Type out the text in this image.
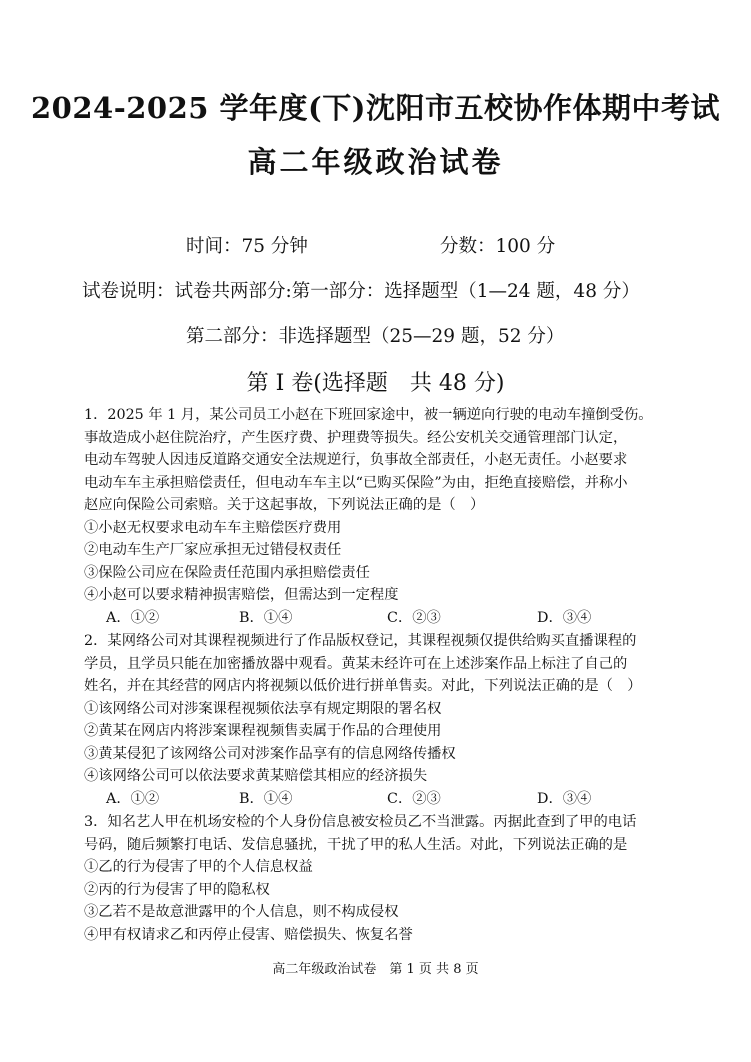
2024-2025 学年度(下)沈阳市五校协作体期中考试
高二年级政治试卷
时间：75 分钟	分数：100 分
试卷说明：试卷共两部分:第一部分：选择题型（1—24 题，48 分）
第二部分：非选择题型（25—29 题，52 分）
第 I 卷(选择题　共 48 分)

1．2025 年 1 月，某公司员工小赵在下班回家途中，被一辆逆向行驶的电动车撞倒受伤。

事故造成小赵住院治疗，产生医疗费、护理费等损失。经公安机关交通管理部门认定，

电动车驾驶人因违反道路交通安全法规逆行，负事故全部责任，小赵无责任。小赵要求

电动车车主承担赔偿责任，但电动车车主以“已购买保险”为由，拒绝直接赔偿，并称小

赵应向保险公司索赔。关于这起事故，下列说法正确的是（　）

①小赵无权要求电动车车主赔偿医疗费用

②电动车生产厂家应承担无过错侵权责任

③保险公司应在保险责任范围内承担赔偿责任

④小赵可以要求精神损害赔偿，但需达到一定程度

A．①②	B．①④	C．②③	D．③④

2．某网络公司对其课程视频进行了作品版权登记，其课程视频仅提供给购买直播课程的

学员，且学员只能在加密播放器中观看。黄某未经许可在上述涉案作品上标注了自己的

姓名，并在其经营的网店内将视频以低价进行拼单售卖。对此，下列说法正确的是（　）

①该网络公司对涉案课程视频依法享有规定期限的署名权

②黄某在网店内将涉案课程视频售卖属于作品的合理使用

③黄某侵犯了该网络公司对涉案作品享有的信息网络传播权

④该网络公司可以依法要求黄某赔偿其相应的经济损失

A．①②	B．①④	C．②③	D．③④

3．知名艺人甲在机场安检的个人身份信息被安检员乙不当泄露。丙据此查到了甲的电话

号码，随后频繁打电话、发信息骚扰，干扰了甲的私人生活。对此，下列说法正确的是

①乙的行为侵害了甲的个人信息权益

②丙的行为侵害了甲的隐私权

③乙若不是故意泄露甲的个人信息，则不构成侵权

④甲有权请求乙和丙停止侵害、赔偿损失、恢复名誉

高二年级政治试卷　第 1 页 共 8 页
